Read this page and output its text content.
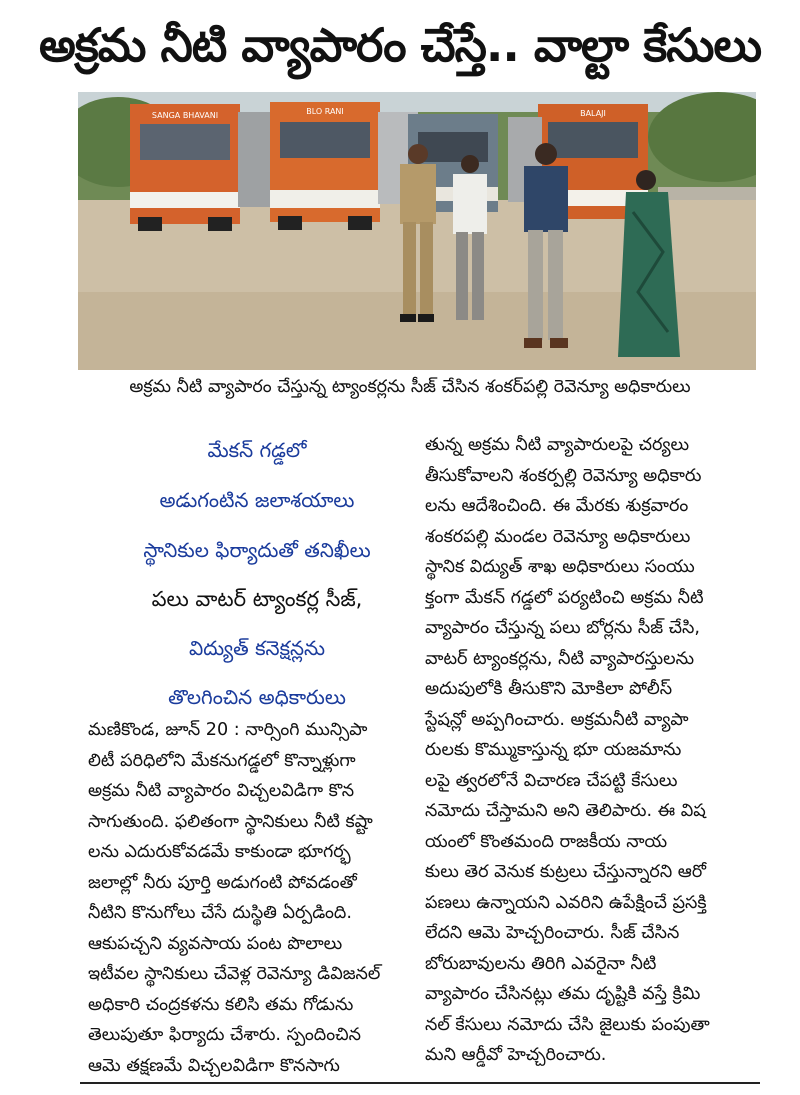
అక్రమ నీటి వ్యాపారం చేస్తే.. వాల్టా కేసులు
SANGA BHAVANI	BLO RANI	BALAJI
అక్రమ నీటి వ్యాపారం చేస్తున్న ట్యాంకర్లను సీజ్ చేసిన శంకర్‌పల్లి రెవెన్యూ అధికారులు
మేకన్ గడ్డలో
అడుగంటిన జలాశయాలు
స్థానికుల ఫిర్యాదుతో తనిఖీలు
పలు వాటర్ ట్యాంకర్ల సీజ్,
విద్యుత్ కనెక్షన్లను
తొలగించిన అధికారులు
మణికొండ, జూన్ 20 : నార్సింగి మున్సిపా
లిటీ పరిధిలోని మేకనుగడ్డలో కొన్నాళ్లుగా
అక్రమ నీటి వ్యాపారం విచ్చలవిడిగా కొన
సాగుతుంది. ఫలితంగా స్థానికులు నీటి కష్టా
లను ఎదురుకోవడమే కాకుండా భూగర్భ
జలాల్లో నీరు పూర్తి అడుగంటి పోవడంతో
నీటిని కొనుగోలు చేసే దుస్థితి ఏర్పడింది.
ఆకుపచ్చని వ్యవసాయ పంట పొలాలు
ఇటీవల స్థానికులు చేవెళ్ల రెవెన్యూ డివిజనల్
అధికారి చంద్రకళను కలిసి తమ గోడును
తెలుపుతూ ఫిర్యాదు చేశారు. స్పందించిన
ఆమె తక్షణమే విచ్చలవిడిగా కొనసాగు
తున్న అక్రమ నీటి వ్యాపారులపై చర్యలు
తీసుకోవాలని శంకర్పల్లి రెవెన్యూ అధికారు
లను ఆదేశించింది. ఈ మేరకు శుక్రవారం
శంకరపల్లి మండల రెవెన్యూ అధికారులు
స్థానిక విద్యుత్ శాఖ అధికారులు సంయు
క్తంగా మేకన్ గడ్డలో పర్యటించి అక్రమ నీటి
వ్యాపారం చేస్తున్న పలు బోర్లను సీజ్ చేసి,
వాటర్ ట్యాంకర్లను, నీటి వ్యాపారస్తులను
అదుపులోకి తీసుకొని మోకిలా పోలీస్
స్టేషన్లో అప్పగించారు. అక్రమనీటి వ్యాపా
రులకు కొమ్ముకాస్తున్న భూ యజమాను
లపై త్వరలోనే విచారణ చేపట్టి కేసులు
నమోదు చేస్తామని అని తెలిపారు. ఈ విష
యంలో కొంతమంది రాజకీయ నాయ
కులు తెర వెనుక కుట్రలు చేస్తున్నారని ఆరో
పణలు ఉన్నాయని ఎవరిని ఉపేక్షించే ప్రసక్తి
లేదని ఆమె హెచ్చరించారు. సీజ్ చేసిన
బోరుబావులను తిరిగి ఎవరైనా నీటి
వ్యాపారం చేసినట్లు తమ దృష్టికి వస్తే క్రిమి
నల్ కేసులు నమోదు చేసి జైలుకు పంపుతా
మని ఆర్డీవో హెచ్చరించారు.
